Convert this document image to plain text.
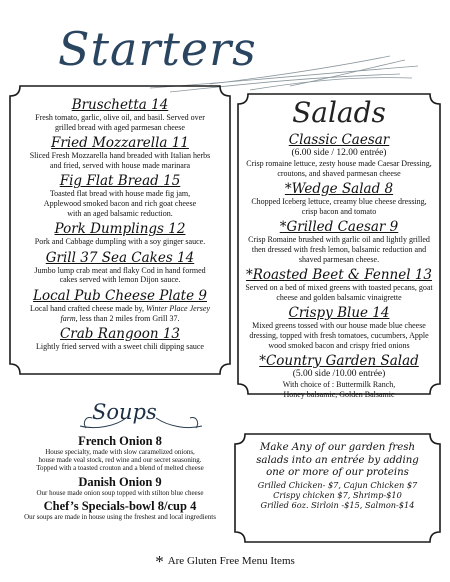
Starters
Bruschetta 14
Fresh tomato, garlic, olive oil, and basil. Served over
grilled bread with aged parmesan cheese
Fried Mozzarella 11
Sliced Fresh Mozzarella hand breaded with Italian herbs
and fried, served with house made marinara
Fig Flat Bread 15
Toasted flat bread with house made fig jam,
Applewood smoked bacon and rich goat cheese
with an aged balsamic reduction.
Pork Dumplings 12
Pork and Cabbage dumpling with a soy ginger sauce.
Grill 37 Sea Cakes 14
Jumbo lump crab meat and flaky Cod in hand formed
cakes served with lemon Dijon sauce.
Local Pub Cheese Plate 9
Local hand crafted cheese made by, Winter Place Jersey
farm, less than 2 miles from Grill 37.
Crab Rangoon 13
Lightly fried served with a sweet chili dipping sauce
Salads
Classic Caesar
(6.00 side / 12.00 entrée)
Crisp romaine lettuce, zesty house made Caesar Dressing,
croutons, and shaved parmesan cheese
*Wedge Salad 8
Chopped Iceberg lettuce, creamy blue cheese dressing,
crisp bacon and tomato
*Grilled Caesar 9
Crisp Romaine brushed with garlic oil and lightly grilled
then dressed with fresh lemon, balsamic reduction and
shaved parmesan cheese.
*Roasted Beet & Fennel 13
Served on a bed of mixed greens with toasted pecans, goat
cheese and golden balsamic vinaigrette
Crispy Blue 14
Mixed greens tossed with our house made blue cheese
dressing, topped with fresh tomatoes, cucumbers, Apple
wood smoked bacon and crispy fried onions
*Country Garden Salad
(5.00 side /10.00 entrée)
With choice of : Buttermilk Ranch,
Honey balsamic, Golden Balsamic
Soups
French Onion 8
House specialty, made with slow caramelized onions,
house made veal stock, red wine and our secret seasoning.
Topped with a toasted crouton and a blend of melted cheese
Danish Onion 9
Our house made onion soup topped with stilton blue cheese
Chef’s Specials-bowl 8/cup 4
Our soups are made in house using the freshest and local ingredients
Make Any of our garden fresh
salads into an entrée by adding
one or more of our proteins
Grilled Chicken- $7, Cajun Chicken $7
Crispy chicken $7, Shrimp-$10
Grilled 6oz. Sirloin -$15, Salmon-$14
* Are Gluten Free Menu Items
